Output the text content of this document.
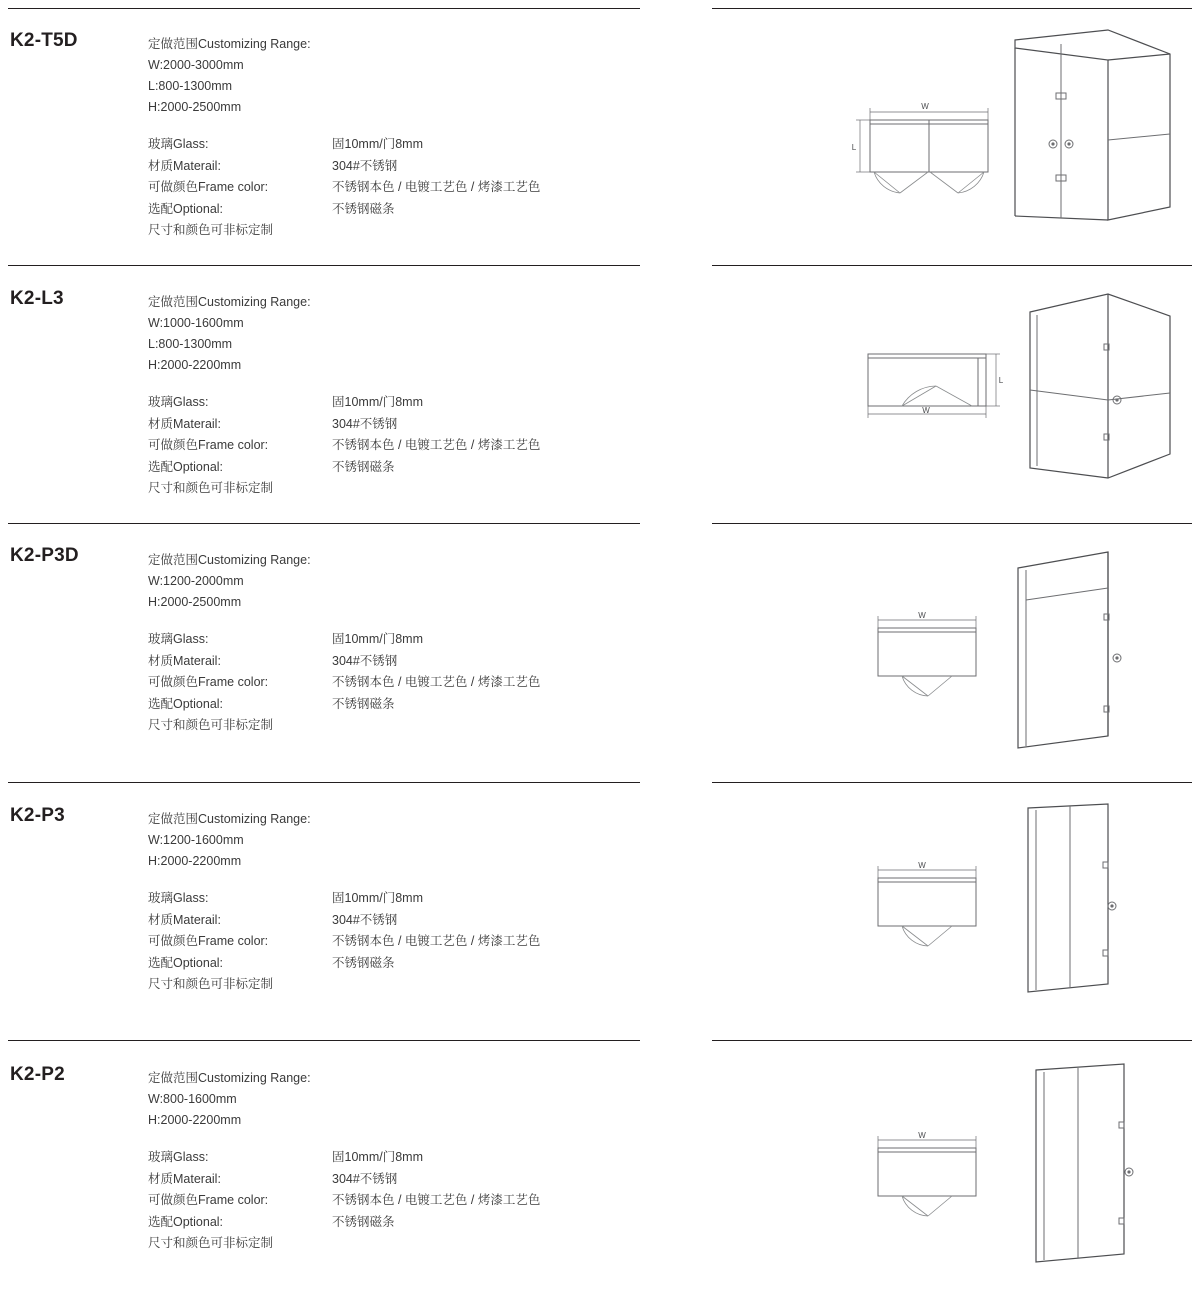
K2-T5D	定做范围Customizing Range:
W:2000-3000mm
L:800-1300mm
H:2000-2500mm
玻璃Glass:	固10mm/门8mm
材质Materail:	304#不锈钢
可做颜色Frame color:	不锈钢本色 / 电镀工艺色 / 烤漆工艺色
选配Optional:	不锈钢磁条
尺寸和颜色可非标定制
W
L
K2-L3	定做范围Customizing Range:
W:1000-1600mm
L:800-1300mm
H:2000-2200mm
玻璃Glass:	固10mm/门8mm
材质Materail:	304#不锈钢
可做颜色Frame color:	不锈钢本色 / 电镀工艺色 / 烤漆工艺色
选配Optional:	不锈钢磁条
尺寸和颜色可非标定制
W
L
K2-P3D	定做范围Customizing Range:
W:1200-2000mm
H:2000-2500mm
玻璃Glass:	固10mm/门8mm
材质Materail:	304#不锈钢
可做颜色Frame color:	不锈钢本色 / 电镀工艺色 / 烤漆工艺色
选配Optional:	不锈钢磁条
尺寸和颜色可非标定制
W
K2-P3	定做范围Customizing Range:
W:1200-1600mm
H:2000-2200mm
玻璃Glass:	固10mm/门8mm
材质Materail:	304#不锈钢
可做颜色Frame color:	不锈钢本色 / 电镀工艺色 / 烤漆工艺色
选配Optional:	不锈钢磁条
尺寸和颜色可非标定制
W
K2-P2	定做范围Customizing Range:
W:800-1600mm
H:2000-2200mm
玻璃Glass:	固10mm/门8mm
材质Materail:	304#不锈钢
可做颜色Frame color:	不锈钢本色 / 电镀工艺色 / 烤漆工艺色
选配Optional:	不锈钢磁条
尺寸和颜色可非标定制
W
